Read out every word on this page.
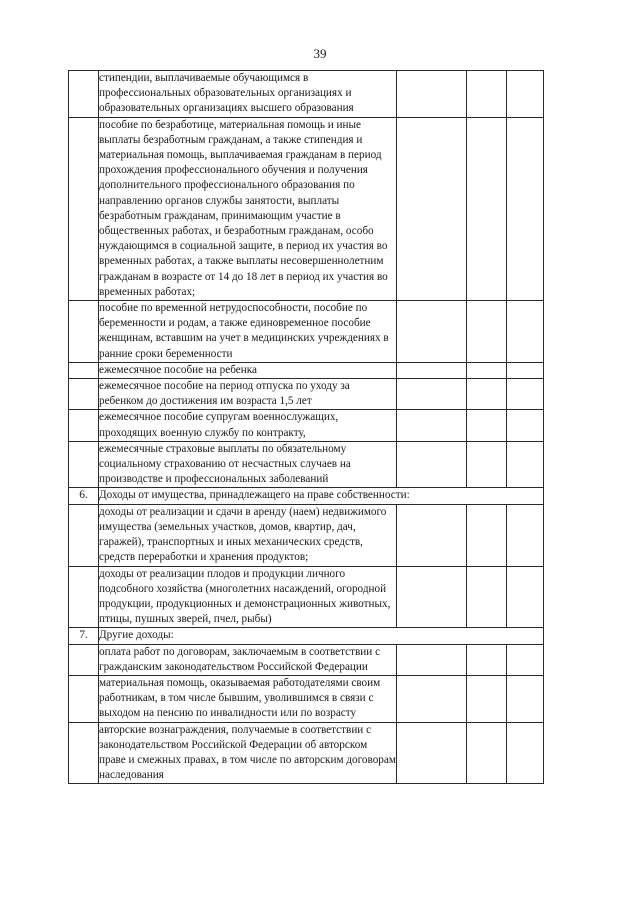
39
	стипендии, выплачиваемые обучающимся в профессиональных образовательных организациях и образовательных организациях высшего образования			
	пособие по безработице, материальная помощь и иные выплаты безработным гражданам, а также стипендия и материальная помощь, выплачиваемая гражданам в период прохождения профессионального обучения и получения дополнительного профессионального образования по направлению органов службы занятости, выплаты безработным гражданам, принимающим участие в общественных работах, и безработным гражданам, особо нуждающимся в социальной защите, в период их участия во временных работах, а также выплаты несовершеннолетним гражданам в возрасте от 14 до 18 лет в период их участия во временных работах;			
	пособие по временной нетрудоспособности, пособие по беременности и родам, а также единовременное пособие женщинам, вставшим на учет в медицинских учреждениях в ранние сроки беременности			
	ежемесячное пособие на ребенка			
	ежемесячное пособие на период отпуска по уходу за ребенком до достижения им возраста 1,5 лет			
	ежемесячное пособие супругам военнослужащих, проходящих военную службу по контракту,			
	ежемесячные страховые выплаты по обязательному социальному страхованию от несчастных случаев на производстве и профессиональных заболеваний			
6.	Доходы от имущества, принадлежащего на праве собственности:			
	доходы от реализации и сдачи в аренду (наем) недвижимого имущества (земельных участков, домов, квартир, дач, гаражей), транспортных и иных механических средств, средств переработки и хранения продуктов;			
	доходы от реализации плодов и продукции личного подсобного хозяйства (многолетних насаждений, огородной продукции, продукционных и демонстрационных животных, птицы, пушных зверей, пчел, рыбы)			
7.	Другие доходы:			
	оплата работ по договорам, заключаемым в соответствии с гражданским законодательством Российской Федерации			
	материальная помощь, оказываемая работодателями своим работникам, в том числе бывшим, уволившимся в связи с выходом на пенсию по инвалидности или по возрасту			
	авторские вознаграждения, получаемые в соответствии с законодательством Российской Федерации об авторском праве и смежных правах, в том числе по авторским договорам наследования			
